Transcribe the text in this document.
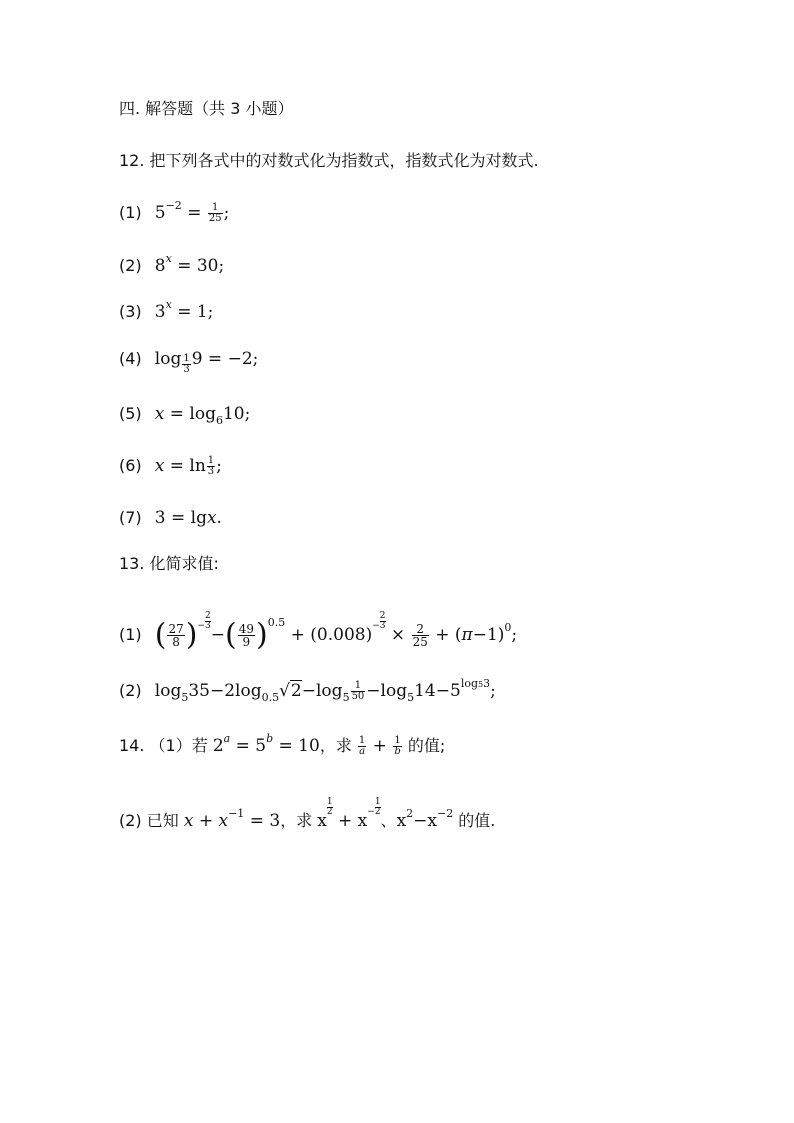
四. 解答题（共 3 小题）
12. 把下列各式中的对数式化为指数式，指数式化为对数式.
(1) $5^{-2} = \frac{1}{25}$ ;
(2) $8^x = 30$;
(3) $3^x = 1$;
(4) $\log \frac{1}{3} 9 = -2$;
(5) $x = \log_610$;
(6) $x = \ln \frac{1}{3}$ ;
(7) 3 = lgx.
13. 化简求值:
(1) ( $\frac{27}{8}$ ) − $\frac{2}{3}$
−( $\frac{49}{9} )^{0.5} + (0.008) - \frac{2}{3}$
× $\frac{2}{25} + (\pi-1)^0$;
(2) $\log_535-2\log_{0.5}√2-\log_5 \frac{1}{50} -\log_514-5^{log53}$;
14. （1）若 $2^a = 5^b = 10$，求 $\frac{1}{a} + \frac{1}{b}$ 的值;
(2) 已知 $x + x^{-1} = 3$，求 x
$\frac{1}{2}$
+ $x - \frac{1}{2}$
、$x^2-x^{-2}$ 的值.
